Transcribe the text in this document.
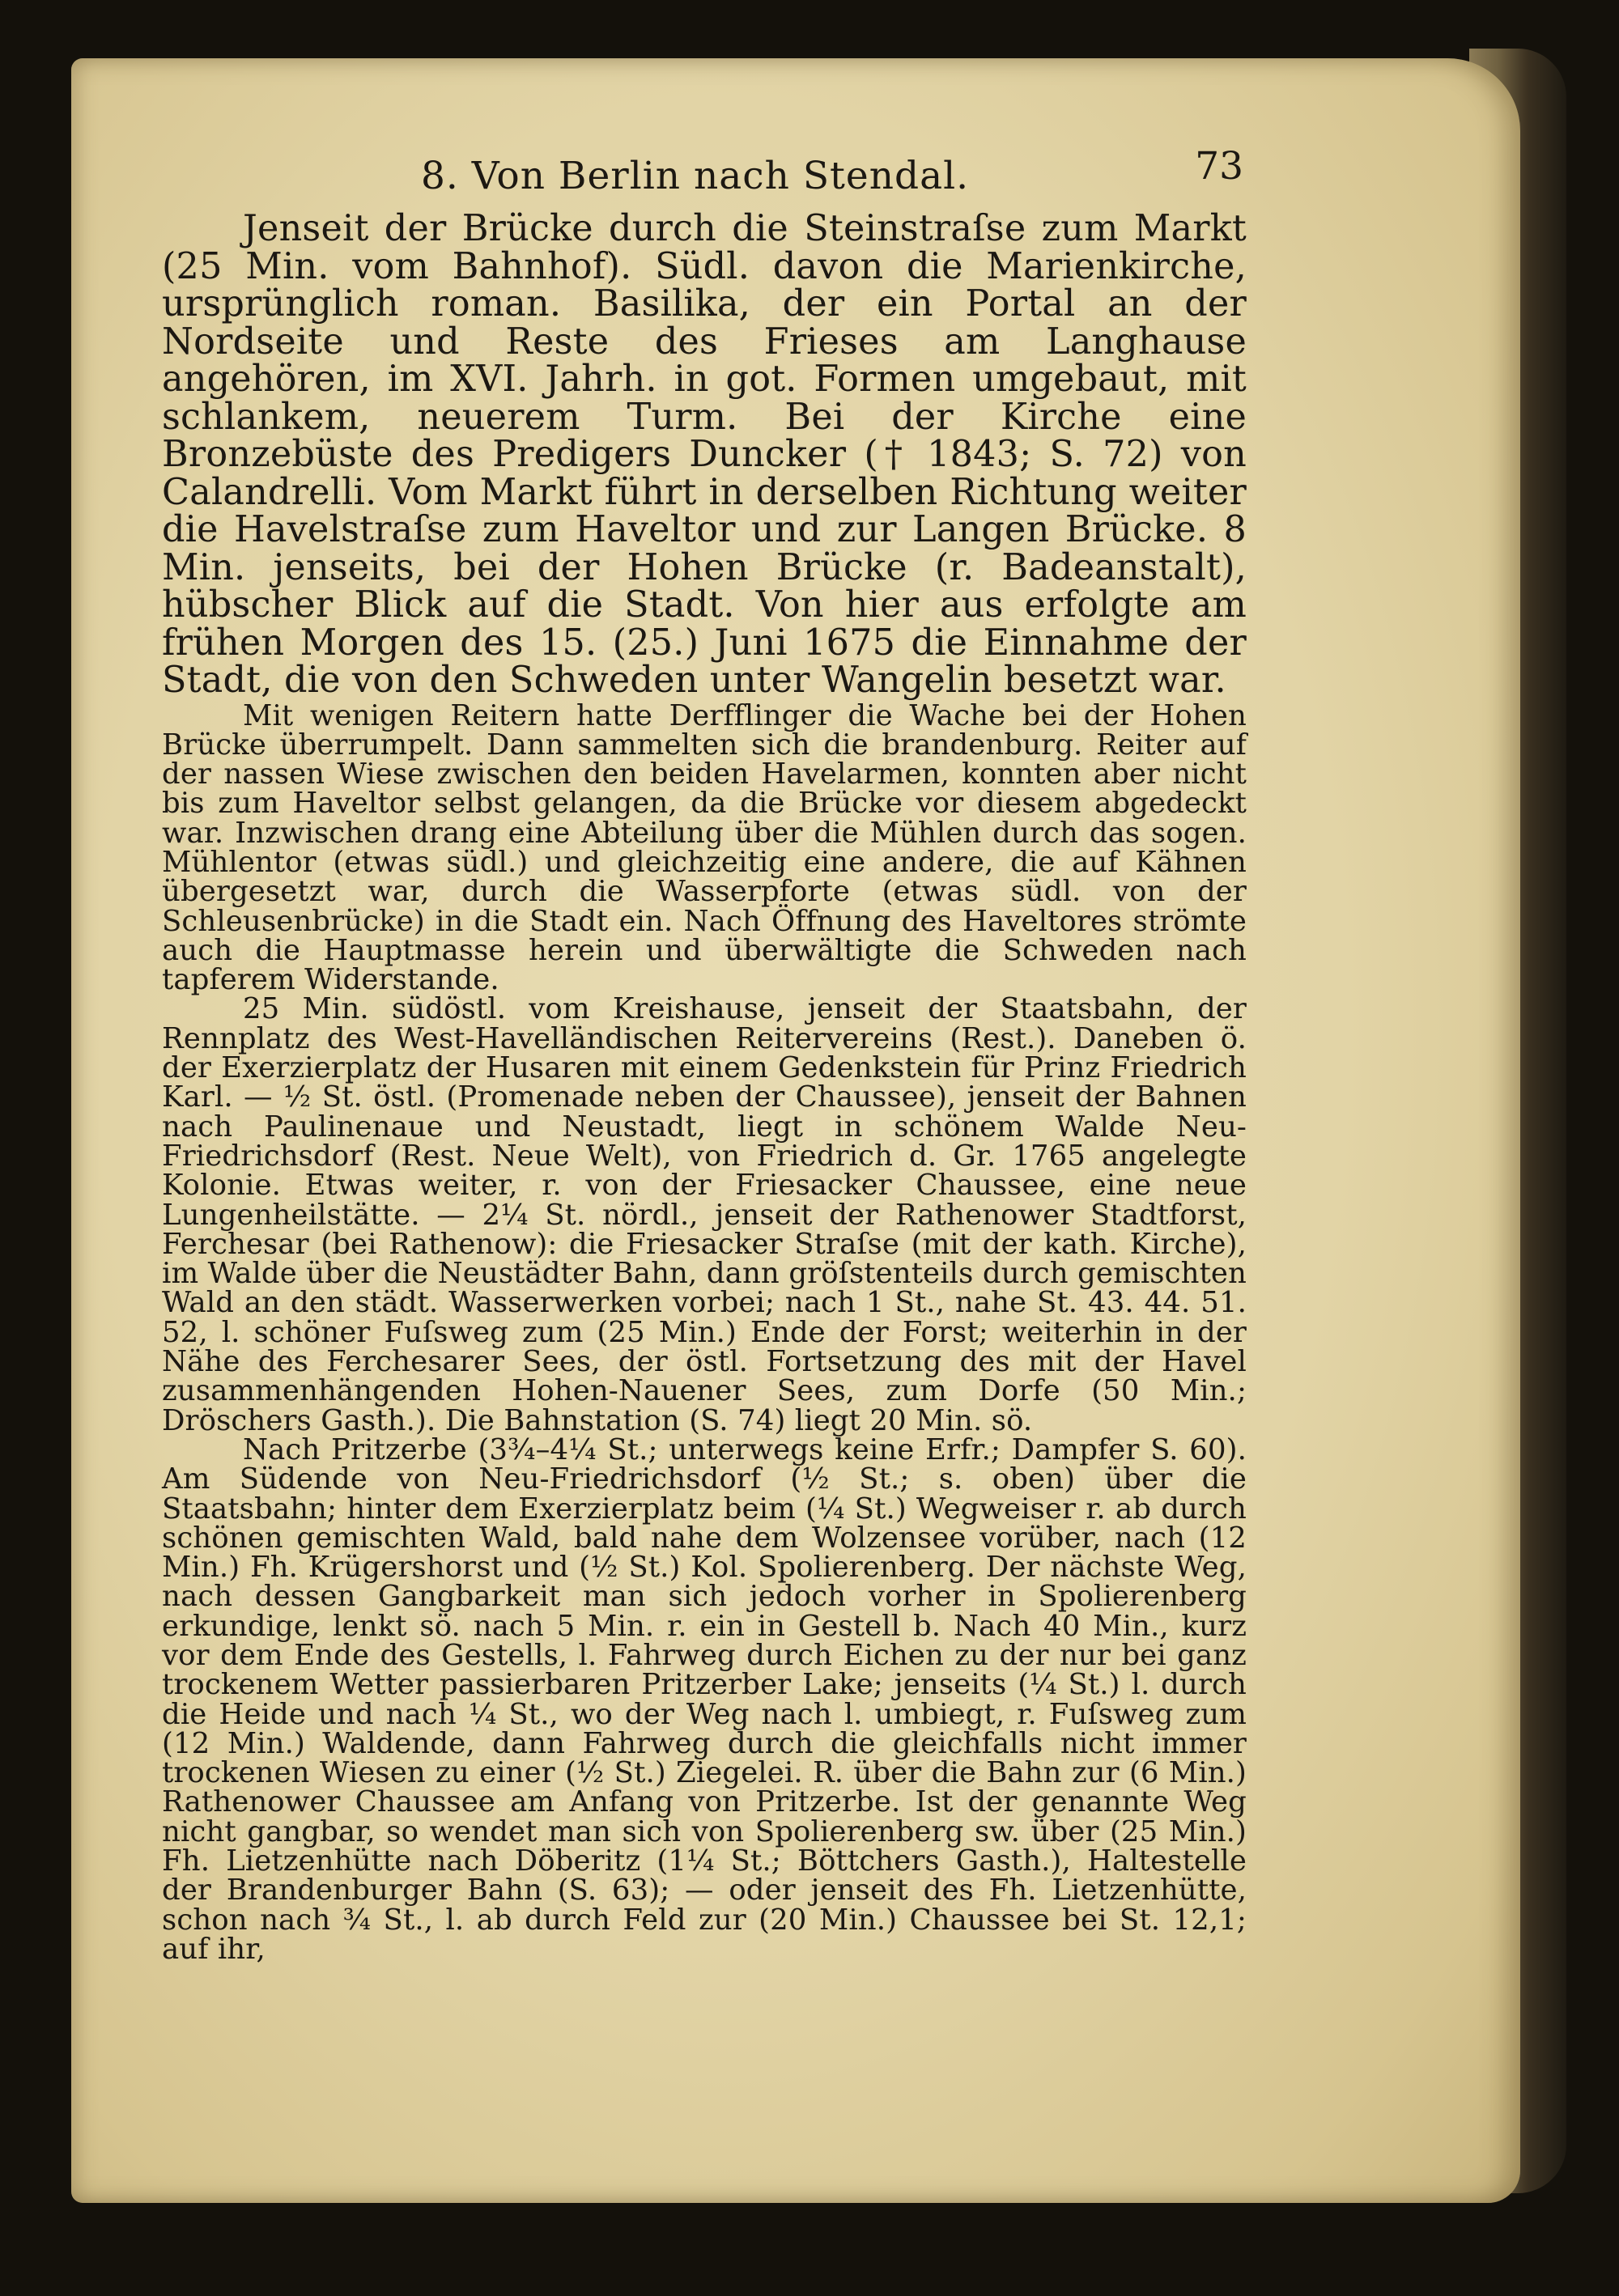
8. Von Berlin nach Stendal.	73

Jenseit der Brücke durch die Steinstraſse zum Markt (25 Min. vom Bahnhof). Südl. davon die Marienkirche, ursprünglich roman. Basilika, der ein Portal an der Nordseite und Reste des Frieses am Langhause angehören, im XVI. Jahrh. in got. Formen umgebaut, mit schlankem, neuerem Turm. Bei der Kirche eine Bronzebüste des Predigers Duncker († 1843; S. 72) von Calandrelli. Vom Markt führt in derselben Richtung weiter die Havelstraſse zum Haveltor und zur Langen Brücke. 8 Min. jenseits, bei der Hohen Brücke (r. Badeanstalt), hübscher Blick auf die Stadt. Von hier aus erfolgte am frühen Morgen des 15. (25.) Juni 1675 die Einnahme der Stadt, die von den Schweden unter Wangelin besetzt war.

Mit wenigen Reitern hatte Derfflinger die Wache bei der Hohen Brücke überrumpelt. Dann sammelten sich die brandenburg. Reiter auf der nassen Wiese zwischen den beiden Havelarmen, konnten aber nicht bis zum Haveltor selbst gelangen, da die Brücke vor diesem abgedeckt war. Inzwischen drang eine Abteilung über die Mühlen durch das sogen. Mühlentor (etwas südl.) und gleichzeitig eine andere, die auf Kähnen übergesetzt war, durch die Wasserpforte (etwas südl. von der Schleusenbrücke) in die Stadt ein. Nach Öffnung des Haveltores strömte auch die Hauptmasse herein und überwältigte die Schweden nach tapferem Widerstande.

25 Min. südöstl. vom Kreishause, jenseit der Staatsbahn, der Rennplatz des West-Havelländischen Reitervereins (Rest.). Daneben ö. der Exerzierplatz der Husaren mit einem Gedenkstein für Prinz Friedrich Karl. — ½ St. östl. (Promenade neben der Chaussee), jenseit der Bahnen nach Paulinenaue und Neustadt, liegt in schönem Walde Neu-Friedrichsdorf (Rest. Neue Welt), von Friedrich d. Gr. 1765 angelegte Kolonie. Etwas weiter, r. von der Friesacker Chaussee, eine neue Lungenheilstätte. — 2¼ St. nördl., jenseit der Rathenower Stadtforst, Ferchesar (bei Rathenow): die Friesacker Straſse (mit der kath. Kirche), im Walde über die Neustädter Bahn, dann gröſstenteils durch gemischten Wald an den städt. Wasserwerken vorbei; nach 1 St., nahe St. 43. 44. 51. 52, l. schöner Fuſsweg zum (25 Min.) Ende der Forst; weiterhin in der Nähe des Ferchesarer Sees, der östl. Fortsetzung des mit der Havel zusammenhängenden Hohen-Nauener Sees, zum Dorfe (50 Min.; Dröschers Gasth.). Die Bahnstation (S. 74) liegt 20 Min. sö.

Nach Pritzerbe (3¾–4¼ St.; unterwegs keine Erfr.; Dampfer S. 60). Am Südende von Neu-Friedrichsdorf (½ St.; s. oben) über die Staatsbahn; hinter dem Exerzierplatz beim (¼ St.) Wegweiser r. ab durch schönen gemischten Wald, bald nahe dem Wolzensee vorüber, nach (12 Min.) Fh. Krügershorst und (½ St.) Kol. Spolierenberg. Der nächste Weg, nach dessen Gangbarkeit man sich jedoch vorher in Spolierenberg erkundige, lenkt sö. nach 5 Min. r. ein in Gestell b. Nach 40 Min., kurz vor dem Ende des Gestells, l. Fahrweg durch Eichen zu der nur bei ganz trockenem Wetter passierbaren Pritzerber Lake; jenseits (¼ St.) l. durch die Heide und nach ¼ St., wo der Weg nach l. umbiegt, r. Fuſsweg zum (12 Min.) Waldende, dann Fahrweg durch die gleichfalls nicht immer trockenen Wiesen zu einer (½ St.) Ziegelei. R. über die Bahn zur (6 Min.) Rathenower Chaussee am Anfang von Pritzerbe. Ist der genannte Weg nicht gangbar, so wendet man sich von Spolierenberg sw. über (25 Min.) Fh. Lietzenhütte nach Döberitz (1¼ St.; Böttchers Gasth.), Haltestelle der Brandenburger Bahn (S. 63); — oder jenseit des Fh. Lietzenhütte, schon nach ¾ St., l. ab durch Feld zur (20 Min.) Chaussee bei St. 12,1; auf ihr,
